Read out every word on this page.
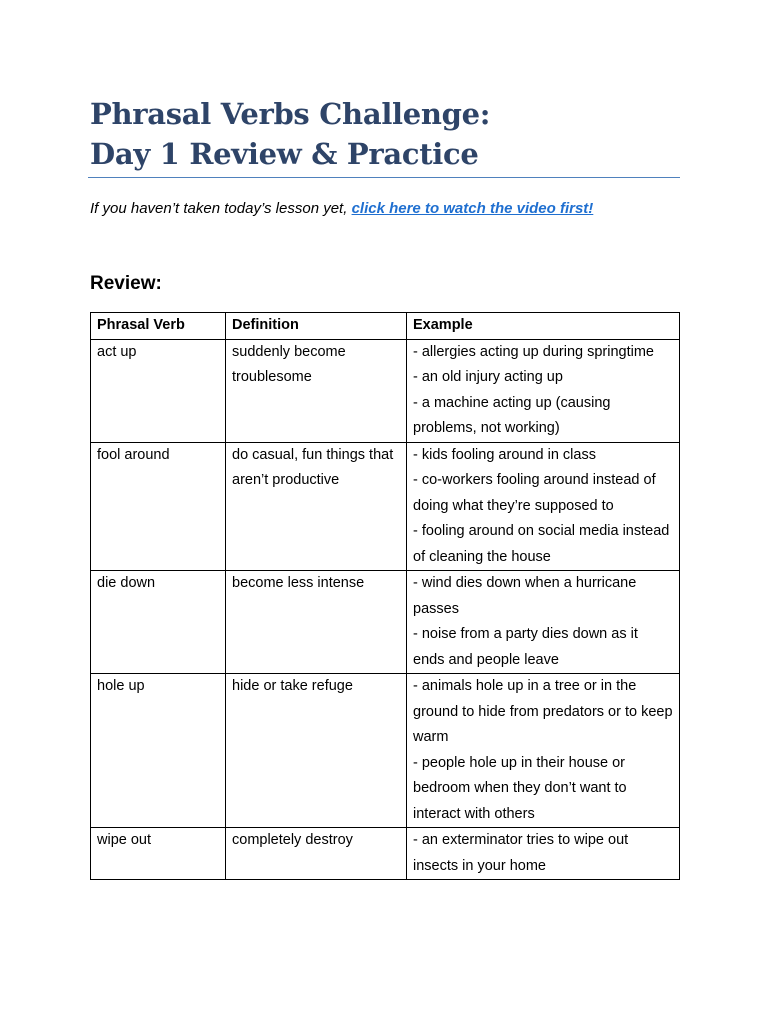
Phrasal Verbs Challenge:
Day 1 Review & Practice

If you haven’t taken today’s lesson yet, click here to watch the video first!

Review:
Phrasal Verb	Definition	Example
act up	suddenly become troublesome	- allergies acting up during springtime
- an old injury acting up
- a machine acting up (causing problems, not working)

fool around	do casual, fun things that aren’t productive	- kids fooling around in class
- co-workers fooling around instead of doing what they’re supposed to
- fooling around on social media instead of cleaning the house

die down	become less intense	- wind dies down when a hurricane passes
- noise from a party dies down as it ends and people leave

hole up	hide or take refuge	- animals hole up in a tree or in the ground to hide from predators or to keep warm
- people hole up in their house or bedroom when they don’t want to interact with others

wipe out	completely destroy	- an exterminator tries to wipe out insects in your home
